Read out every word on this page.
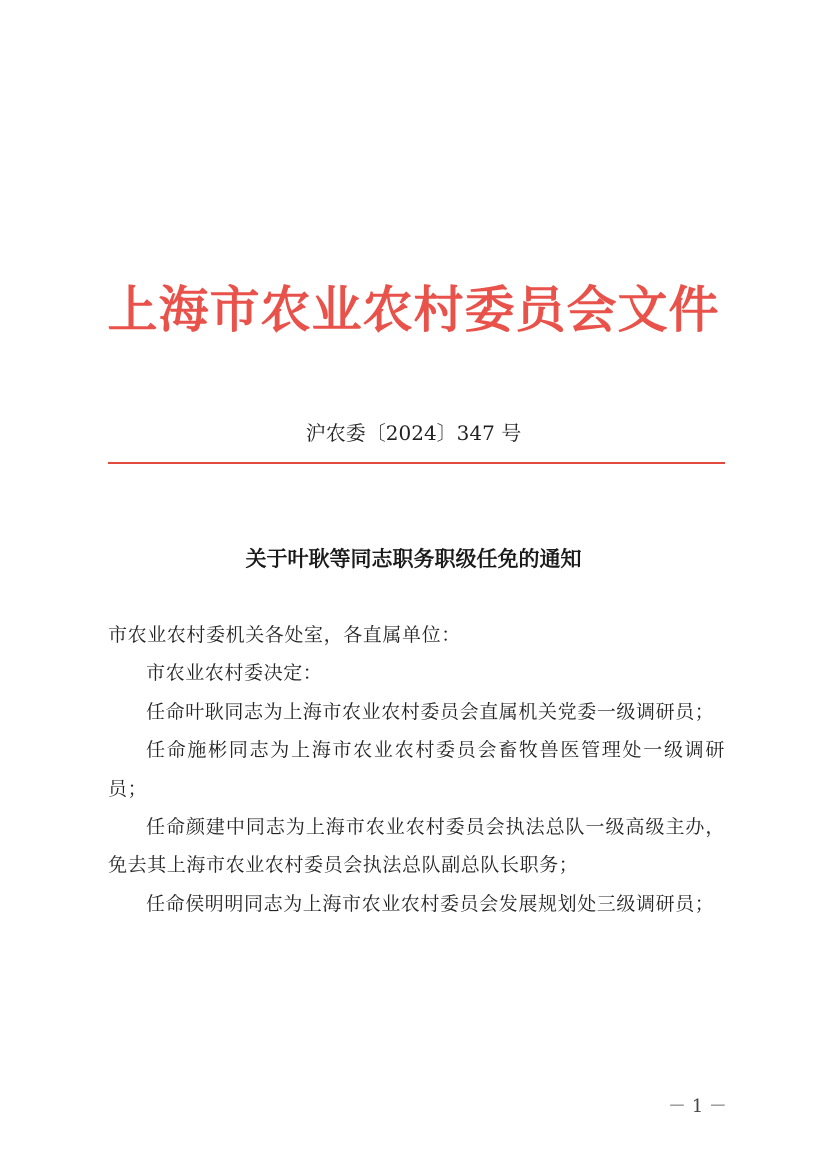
上海市农业农村委员会文件
沪农委〔2024〕347 号
关于叶耿等同志职务职级任免的通知

市农业农村委机关各处室，各直属单位：

市农业农村委决定：

任命叶耿同志为上海市农业农村委员会直属机关党委一级调研员；

任命施彬同志为上海市农业农村委员会畜牧兽医管理处一级调研员；

任命颜建中同志为上海市农业农村委员会执法总队一级高级主办，免去其上海市农业农村委员会执法总队副总队长职务；

任命侯明明同志为上海市农业农村委员会发展规划处三级调研员；

－ 1 －
